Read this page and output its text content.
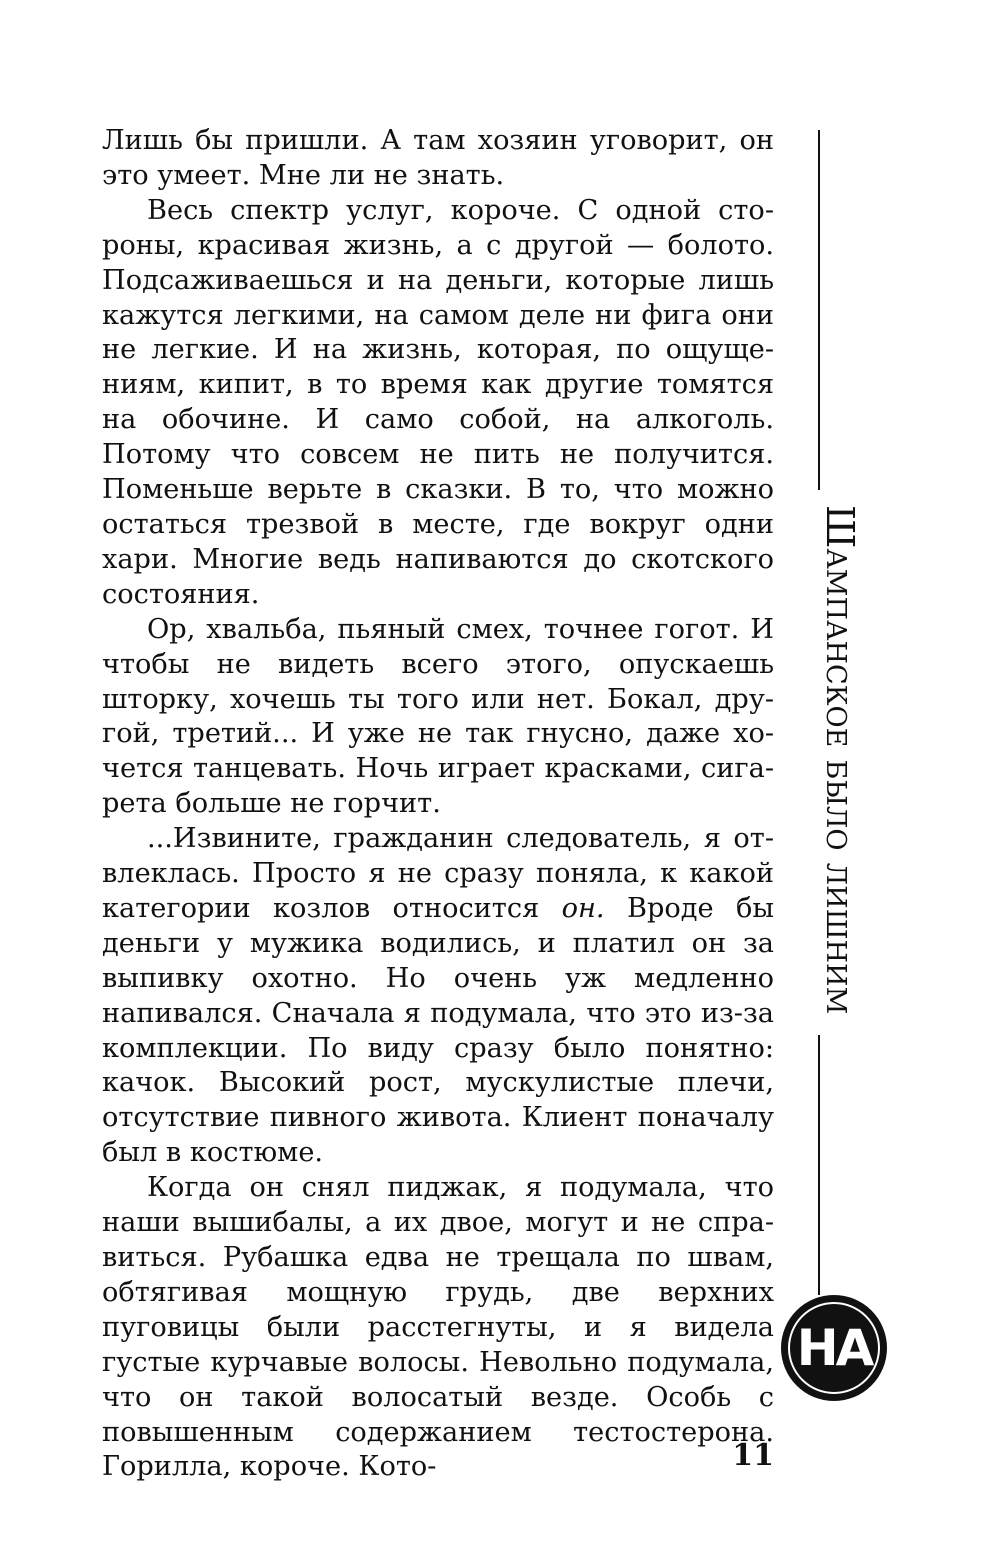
Лишь бы пришли. А там хозяин уговорит, он это умеет. Мне ли не знать.

Весь спектр услуг, короче. С одной стороны, красивая жизнь, а с другой — болото. Подсаживаешься и на деньги, которые лишь кажутся легкими, на самом деле ни фига они не легкие. И на жизнь, которая, по ощущениям, кипит, в то время как другие томятся на обочине. И само собой, на алкоголь. Потому что совсем не пить не получится. Поменьше верьте в сказки. В то, что можно остаться трезвой в месте, где вокруг одни хари. Многие ведь напиваются до скотского состояния.

Ор, хвальба, пьяный смех, точнее гогот. И чтобы не видеть всего этого, опускаешь шторку, хочешь ты того или нет. Бокал, другой, третий... И уже не так гнусно, даже хочется танцевать. Ночь играет красками, сигарета больше не горчит.

...Извините, гражданин следователь, я отвлеклась. Просто я не сразу поняла, к какой категории козлов относится он. Вроде бы деньги у мужика водились, и платил он за выпивку охотно. Но очень уж медленно напивался. Сначала я подумала, что это из-за комплекции. По виду сразу было понятно: качок. Высокий рост, мускулистые плечи, отсутствие пивного живота. Клиент поначалу был в костюме.

Когда он снял пиджак, я подумала, что наши вышибалы, а их двое, могут и не справиться. Рубашка едва не трещала по швам, обтягивая мощную грудь, две верхних пуговицы были расстегнуты, и я видела густые курчавые волосы. Невольно подумала, что он такой волосатый везде. Особь с повышенным содержанием тестостерона. Горилла, короче. Кото-

Шампанское было лишним
НА
11
